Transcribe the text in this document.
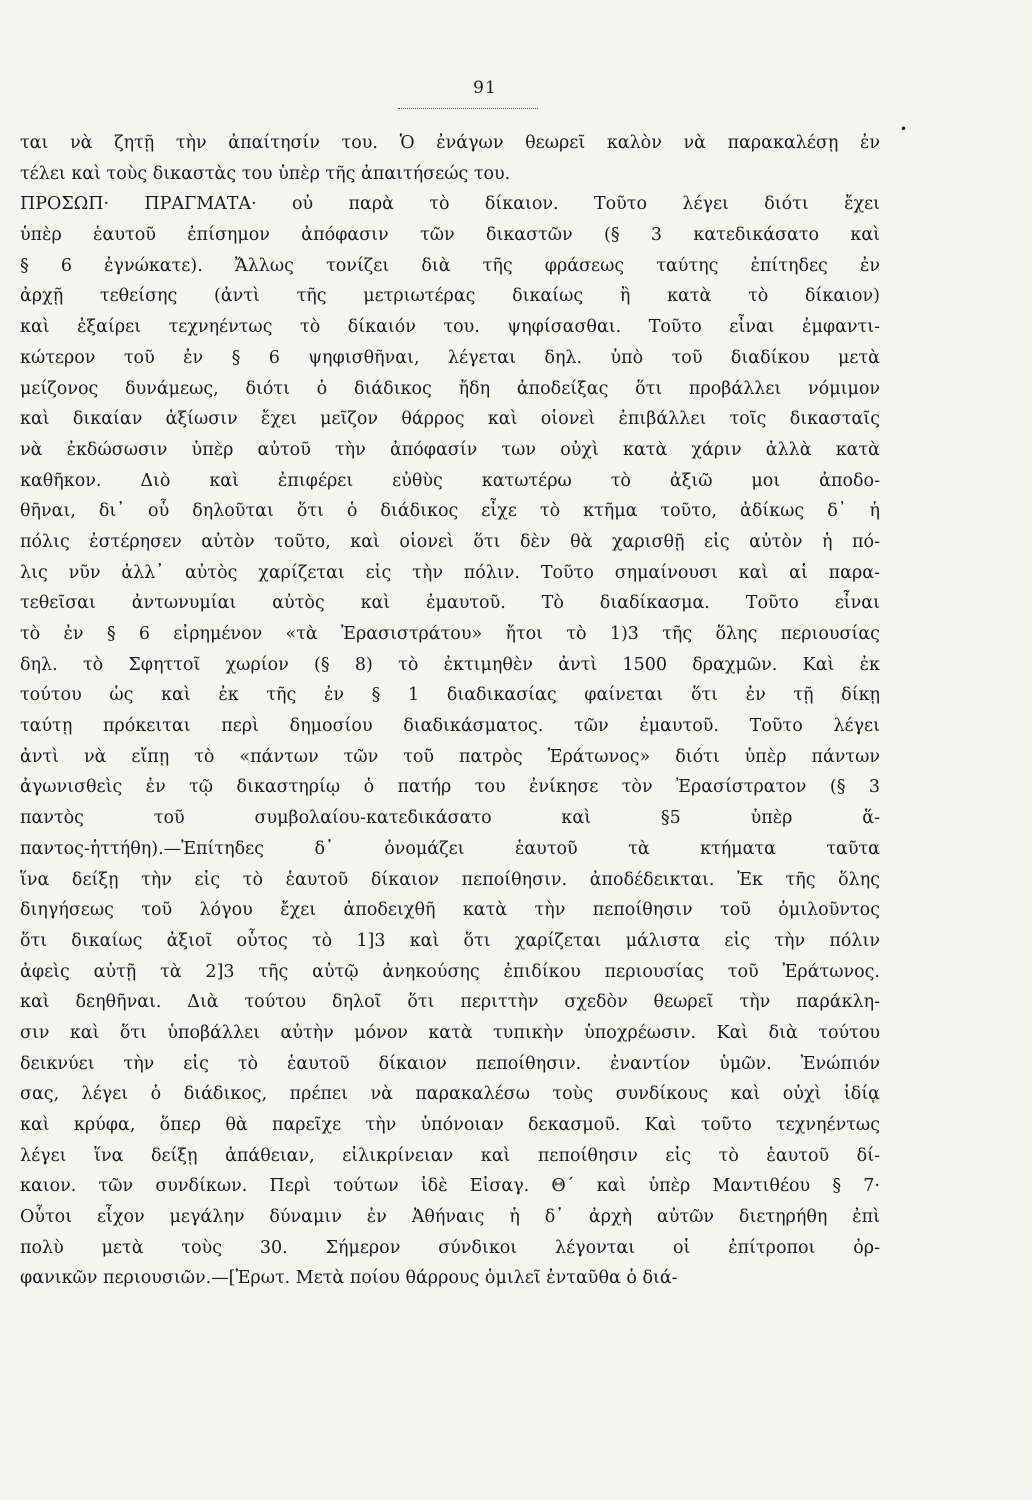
91
•
ται νὰ ζητῇ τὴν ἀπαίτησίν του. Ὁ ἐνάγων θεωρεῖ καλὸν νὰ παρακαλέσῃ ἐν
τέλει καὶ τοὺς δικαστὰς του ὑπὲρ τῆς ἀπαιτήσεώς του.
ΠΡΟΣΩΠ· ΠΡΑΓΜΑΤΑ· οὐ παρὰ τὸ δίκαιον. Τοῦτο λέγει διότι ἔχει
ὑπὲρ ἑαυτοῦ ἐπίσημον ἀπόφασιν τῶν δικαστῶν (§ 3 κατεδικάσατο καὶ
§ 6 ἐγνώκατε). Ἄλλως τονίζει διὰ τῆς φράσεως ταύτης ἐπίτηδες ἐν
ἀρχῇ τεθείσης (ἀντὶ τῆς μετριωτέρας δικαίως ἢ κατὰ τὸ δίκαιον)
καὶ ἐξαίρει τεχνηέντως τὸ δίκαιόν του. ψηφίσασθαι. Τοῦτο εἶναι ἐμφαντι-
κώτερον τοῦ ἐν § 6 ψηφισθῆναι, λέγεται δηλ. ὑπὸ τοῦ διαδίκου μετὰ
μείζονος δυνάμεως, διότι ὁ διάδικος ἤδη ἀποδείξας ὅτι προβάλλει νόμιμον
καὶ δικαίαν ἀξίωσιν ἔχει μεῖζον θάρρος καὶ οἱονεὶ ἐπιβάλλει τοῖς δικασταῖς
νὰ ἐκδώσωσιν ὑπὲρ αὐτοῦ τὴν ἀπόφασίν των οὐχὶ κατὰ χάριν ἀλλὰ κατὰ
καθῆκον. Διὸ καὶ ἐπιφέρει εὐθὺς κατωτέρω τὸ ἀξιῶ μοι ἀποδο-
θῆναι, δι᾽ οὗ δηλοῦται ὅτι ὁ διάδικος εἶχε τὸ κτῆμα τοῦτο, ἀδίκως δ᾽ ἡ
πόλις ἐστέρησεν αὐτὸν τοῦτο, καὶ οἱονεὶ ὅτι δὲν θὰ χαρισθῇ εἰς αὐτὸν ἡ πό-
λις νῦν ἀλλ᾽ αὐτὸς χαρίζεται εἰς τὴν πόλιν. Τοῦτο σημαίνουσι καὶ αἱ παρα-
τεθεῖσαι ἀντωνυμίαι αὐτὸς καὶ ἐμαυτοῦ. Τὸ διαδίκασμα. Τοῦτο εἶναι
τὸ ἐν § 6 εἰρημένον «τὰ Ἐρασιστράτου» ἤτοι τὸ 1)3 τῆς ὅλης περιουσίας
δηλ. τὸ Σφηττοῖ χωρίον (§ 8) τὸ ἐκτιμηθὲν ἀντὶ 1500 δραχμῶν. Καὶ ἐκ
τούτου ὡς καὶ ἐκ τῆς ἐν § 1 διαδικασίας φαίνεται ὅτι ἐν τῇ δίκῃ
ταύτῃ πρόκειται περὶ δημοσίου διαδικάσματος. τῶν ἐμαυτοῦ. Τοῦτο λέγει
ἀντὶ νὰ εἴπῃ τὸ «πάντων τῶν τοῦ πατρὸς Ἐράτωνος» διότι ὑπὲρ πάντων
ἀγωνισθεὶς ἐν τῷ δικαστηρίῳ ὁ πατήρ του ἐνίκησε τὸν Ἐρασίστρατον (§ 3
παντὸς τοῦ συμβολαίου-κατεδικάσατο καὶ §5 ὑπὲρ ἅ-
παντος-ἡττήθη).—Ἐπίτηδες δ᾽ ὀνομάζει ἑαυτοῦ τὰ κτήματα ταῦτα
ἵνα δείξῃ τὴν εἰς τὸ ἑαυτοῦ δίκαιον πεποίθησιν. ἀποδέδεικται. Ἐκ τῆς ὅλης
διηγήσεως τοῦ λόγου ἔχει ἀποδειχθῆ κατὰ τὴν πεποίθησιν τοῦ ὁμιλοῦντος
ὅτι δικαίως ἀξιοῖ οὗτος τὸ 1]3 καὶ ὅτι χαρίζεται μάλιστα εἰς τὴν πόλιν
ἀφεὶς αὐτῇ τὰ 2]3 τῆς αὐτῷ ἀνηκούσης ἐπιδίκου περιουσίας τοῦ Ἐράτωνος.
καὶ δεηθῆναι. Διὰ τούτου δηλοῖ ὅτι περιττὴν σχεδὸν θεωρεῖ τὴν παράκλη-
σιν καὶ ὅτι ὑποβάλλει αὐτὴν μόνον κατὰ τυπικὴν ὑποχρέωσιν. Καὶ διὰ τούτου
δεικνύει τὴν εἰς τὸ ἑαυτοῦ δίκαιον πεποίθησιν. ἐναντίον ὑμῶν. Ἐνώπιόν
σας, λέγει ὁ διάδικος, πρέπει νὰ παρακαλέσω τοὺς συνδίκους καὶ οὐχὶ ἰδίᾳ
καὶ κρύφα, ὅπερ θὰ παρεῖχε τὴν ὑπόνοιαν δεκασμοῦ. Καὶ τοῦτο τεχνηέντως
λέγει ἵνα δείξῃ ἀπάθειαν, εἰλικρίνειαν καὶ πεποίθησιν εἰς τὸ ἑαυτοῦ δί-
καιον. τῶν συνδίκων. Περὶ τούτων ἰδὲ Εἰσαγ. Θ΄ καὶ ὑπὲρ Μαντιθέου § 7·
Οὗτοι εἶχον μεγάλην δύναμιν ἐν Ἀθήναις ἡ δ᾽ ἀρχὴ αὐτῶν διετηρήθη ἐπὶ
πολὺ μετὰ τοὺς 30. Σήμερον σύνδικοι λέγονται οἱ ἐπίτροποι ὀρ-
φανικῶν περιουσιῶν.—[Ἐρωτ. Μετὰ ποίου θάρρους ὁμιλεῖ ἐνταῦθα ὁ διά-
